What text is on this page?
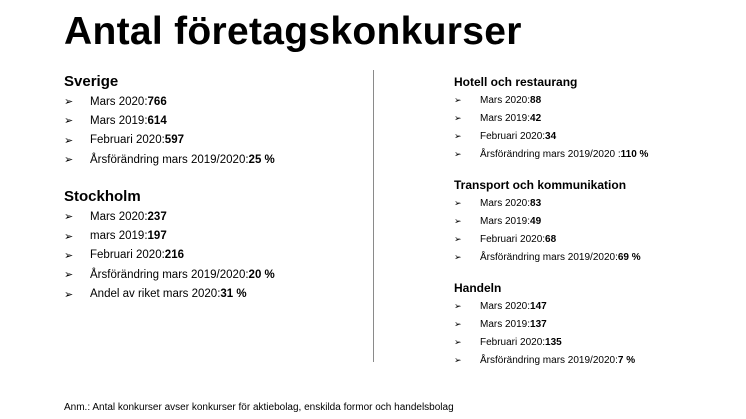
Antal företagskonkurser
Sverige
➢	Mars 2020: 766
➢	Mars 2019: 614
➢	Februari 2020: 597
➢	Årsförändring mars 2019/2020: 25 %
Stockholm
➢	Mars 2020: 237
➢	mars 2019: 197
➢	Februari 2020: 216
➢	Årsförändring mars 2019/2020: 20 %
➢	Andel av riket mars 2020: 31 %
Hotell och restaurang
➢	Mars 2020: 88
➢	Mars 2019: 42
➢	Februari 2020: 34
➢	Årsförändring mars 2019/2020 : 110 %
Transport och kommunikation
➢	Mars 2020: 83
➢	Mars 2019: 49
➢	Februari 2020: 68
➢	Årsförändring mars 2019/2020: 69 %
Handeln
➢	Mars 2020: 147
➢	Mars 2019: 137
➢	Februari 2020: 135
➢	Årsförändring mars 2019/2020: 7 %
Anm.: Antal konkurser avser konkurser för aktiebolag, enskilda formor och handelsbolag
